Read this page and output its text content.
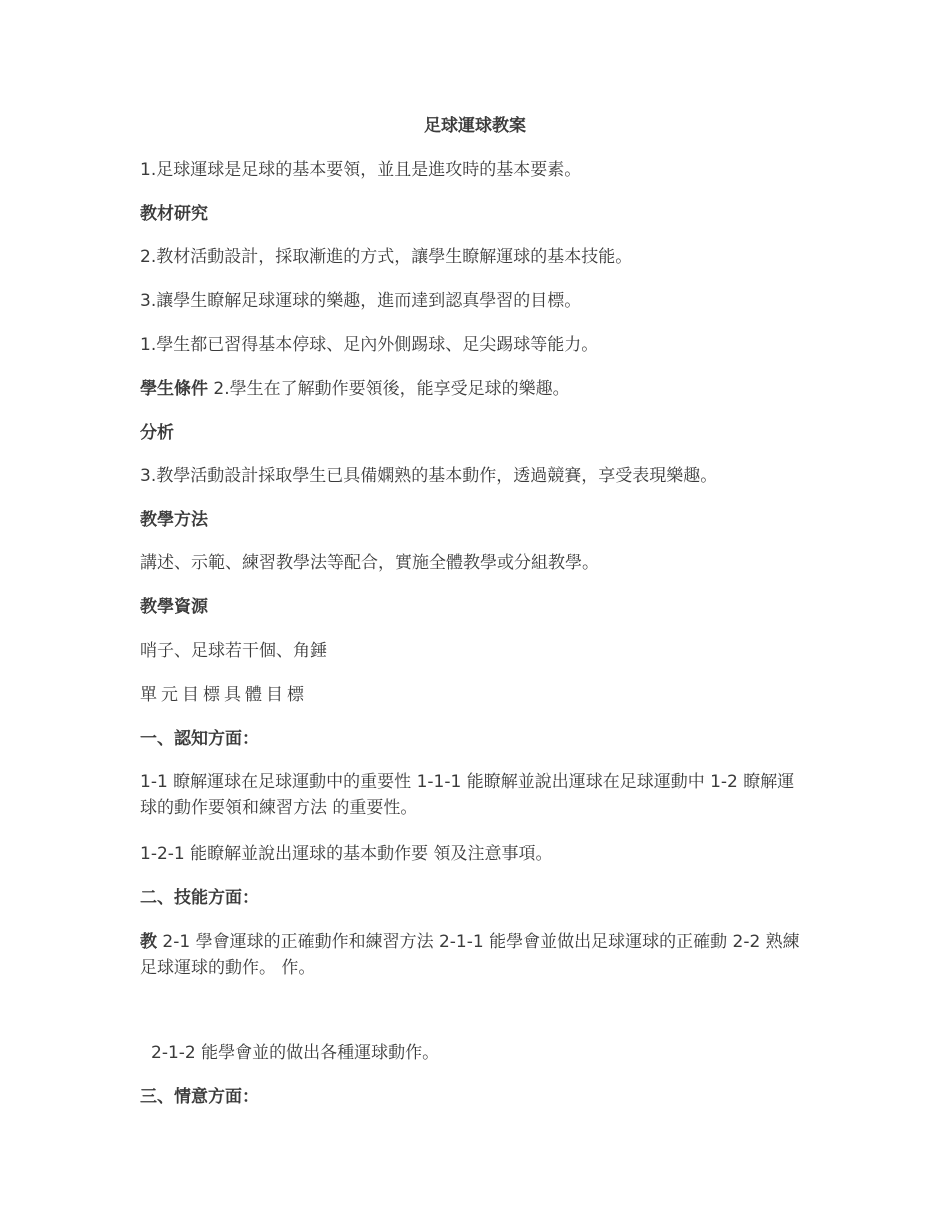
足球運球教案
1.足球運球是足球的基本要領，並且是進攻時的基本要素。
教材研究
2.教材活動設計，採取漸進的方式，讓學生瞭解運球的基本技能。
3.讓學生瞭解足球運球的樂趣，進而達到認真學習的目標。
1.學生都已習得基本停球、足內外側踢球、足尖踢球等能力。
學生條件 2.學生在了解動作要領後，能享受足球的樂趣。
分析
3.教學活動設計採取學生已具備嫻熟的基本動作，透過競賽，享受表現樂趣。
教學方法
講述、示範、練習教學法等配合，實施全體教學或分組教學。
教學資源
哨子、足球若干個、角錘
單元目標具體目標
一、認知方面：
1-1 瞭解運球在足球運動中的重要性 1-1-1 能瞭解並說出運球在足球運動中 1-2 瞭解運球的動作要領和練習方法 的重要性。
1-2-1 能瞭解並說出運球的基本動作要 領及注意事項。
二、技能方面：
教 2-1 學會運球的正確動作和練習方法 2-1-1 能學會並做出足球運球的正確動 2-2 熟練足球運球的動作。 作。
2-1-2 能學會並的做出各種運球動作。
三、情意方面：
